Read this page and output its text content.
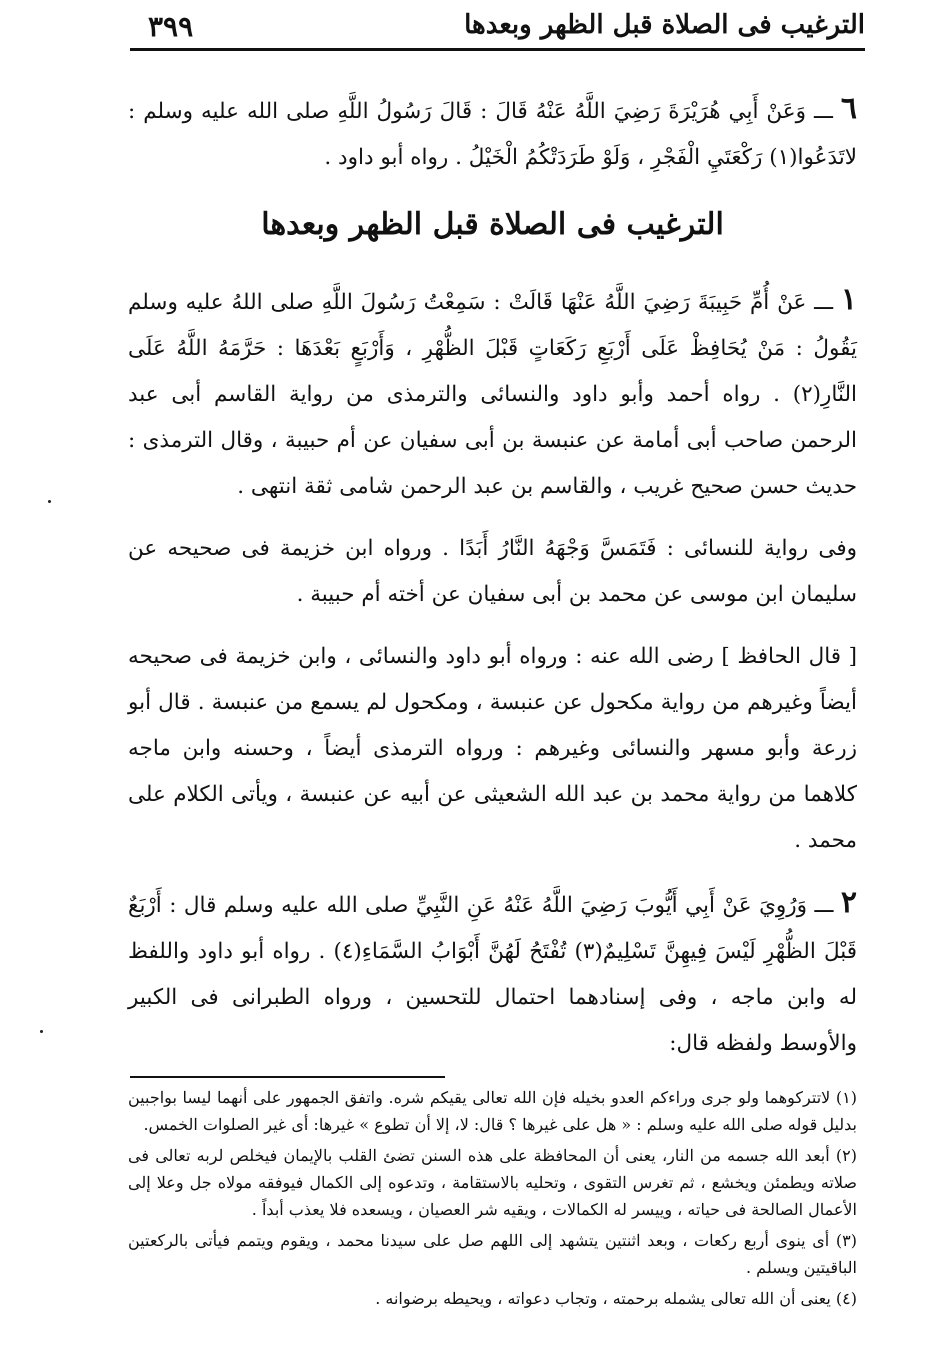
الترغيب فى الصلاة قبل الظهر وبعدها
٣٩٩

٦ ـــ وَعَنْ أَبِي هُرَيْرَةَ رَضِيَ اللَّهُ عَنْهُ قَالَ : قَالَ رَسُولُ اللَّهِ صلى الله عليه وسلم : لاتَدَعُوا(١) رَكْعَتَيِ الْفَجْرِ ، وَلَوْ طَرَدَتْكُمُ الْخَيْلُ . رواه أبو داود .

الترغيب فى الصلاة قبل الظهر وبعدها

١ ـــ عَنْ أُمِّ حَبِيبَةَ رَضِيَ اللَّهُ عَنْهَا قَالَتْ : سَمِعْتُ رَسُولَ اللَّهِ صلى اللهُ عليه وسلم يَقُولُ : مَنْ يُحَافِظْ عَلَى أَرْبَعِ رَكَعَاتٍ قَبْلَ الظُّهْرِ ، وَأَرْبَعٍ بَعْدَهَا : حَرَّمَهُ اللَّهُ عَلَى النَّارِ(٢) . رواه أحمد وأبو داود والنسائى والترمذى من رواية القاسم أبى عبد الرحمن صاحب أبى أمامة عن عنبسة بن أبى سفيان عن أم حبيبة ، وقال الترمذى : حديث حسن صحيح غريب ، والقاسم بن عبد الرحمن شامى ثقة انتهى .

وفى رواية للنسائى : فَتَمَسَّ وَجْهَهُ النَّارُ أَبَدًا . ورواه ابن خزيمة فى صحيحه عن سليمان ابن موسى عن محمد بن أبى سفيان عن أخته أم حبيبة .

[ قال الحافظ ] رضى الله عنه : ورواه أبو داود والنسائى ، وابن خزيمة فى صحيحه أيضاً وغيرهم من رواية مكحول عن عنبسة ، ومكحول لم يسمع من عنبسة . قال أبو زرعة وأبو مسهر والنسائى وغيرهم : ورواه الترمذى أيضاً ، وحسنه وابن ماجه كلاهما من رواية محمد بن عبد الله الشعيثى عن أبيه عن عنبسة ، ويأتى الكلام على محمد .

٢ ـــ وَرُوِيَ عَنْ أَبِي أَيُّوبَ رَضِيَ اللَّهُ عَنْهُ عَنِ النَّبِيِّ صلى الله عليه وسلم قال : أَرْبَعٌ قَبْلَ الظُّهْرِ لَيْسَ فِيهِنَّ تَسْلِيمٌ(٣) تُفْتَحُ لَهُنَّ أَبْوَابُ السَّمَاءِ(٤) . رواه أبو داود واللفظ له وابن ماجه ، وفى إسنادهما احتمال للتحسين ، ورواه الطبرانى فى الكبير والأوسط ولفظه قال:

(١) لاتتركوهما ولو جرى وراءكم العدو بخيله فإن الله تعالى يقيكم شره. واتفق الجمهور على أنهما ليسا بواجبين بدليل قوله صلى الله عليه وسلم : « هل على غيرها ؟ قال: لا، إلا أن تطوع » غيرها: أى غير الصلوات الخمس.

(٢) أبعد الله جسمه من النار، يعنى أن المحافظة على هذه السنن تضئ القلب بالإيمان فيخلص لربه تعالى فى صلاته ويطمئن ويخشع ، ثم تغرس التقوى ، وتحليه بالاستقامة ، وتدعوه إلى الكمال فيوفقه مولاه جل وعلا إلى الأعمال الصالحة فى حياته ، وييسر له الكمالات ، ويقيه شر العصيان ، ويسعده فلا يعذب أبداً .

(٣) أى ينوى أربع ركعات ، وبعد اثنتين يتشهد إلى اللهم صل على سيدنا محمد ، ويقوم ويتمم فيأتى بالركعتين الباقيتين ويسلم .

(٤) يعنى أن الله تعالى يشمله برحمته ، وتجاب دعواته ، ويحيطه برضوانه .
